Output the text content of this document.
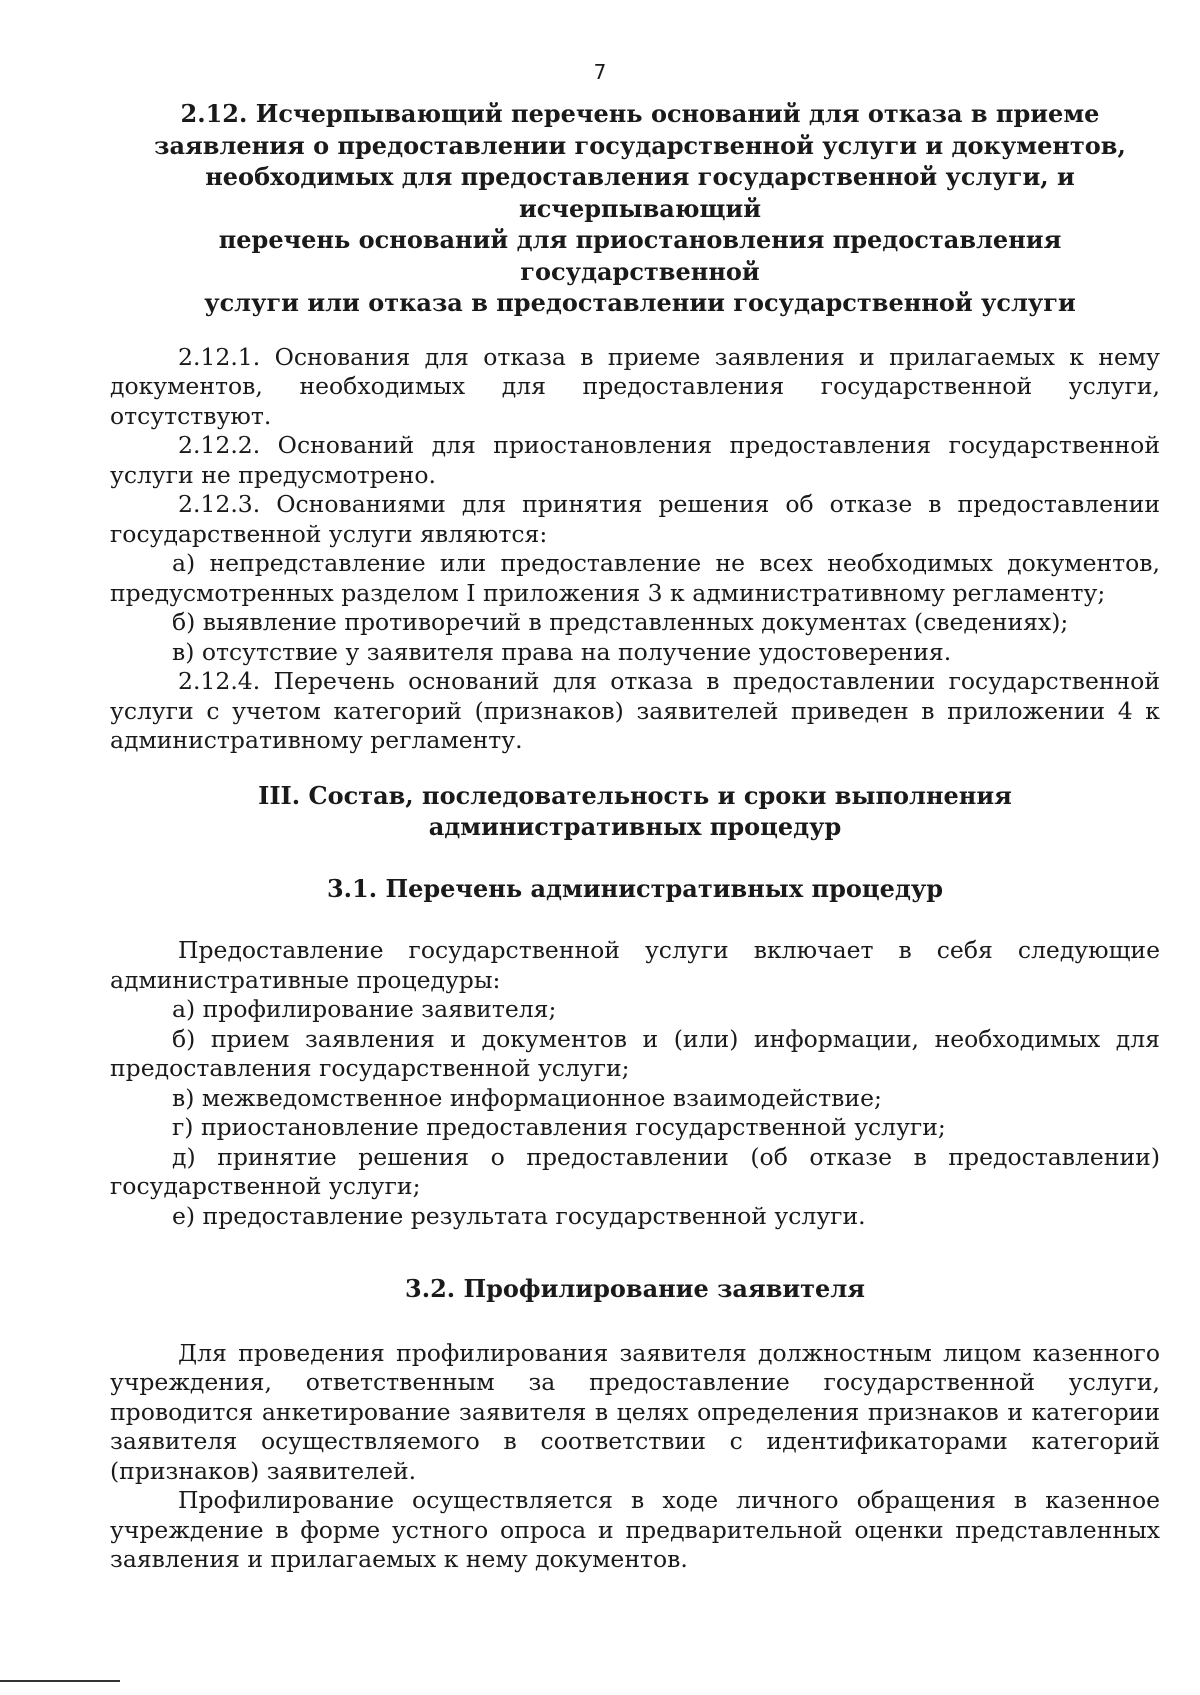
7
2.12. Исчерпывающий перечень оснований для отказа в приеме
заявления о предоставлении государственной услуги и документов,
необходимых для предоставления государственной услуги, и исчерпывающий
перечень оснований для приостановления предоставления государственной
услуги или отказа в предоставлении государственной услуги

2.12.1. Основания для отказа в приеме заявления и прилагаемых к нему документов, необходимых для предоставления государственной услуги, отсутствуют.

2.12.2. Оснований для приостановления предоставления государственной услуги не предусмотрено.

2.12.3. Основаниями для принятия решения об отказе в предоставлении государственной услуги являются:

а) непредставление или предоставление не всех необходимых документов, предусмотренных разделом I приложения 3 к административному регламенту;

б) выявление противоречий в представленных документах (сведениях);

в) отсутствие у заявителя права на получение удостоверения.

2.12.4. Перечень оснований для отказа в предоставлении государственной услуги с учетом категорий (признаков) заявителей приведен в приложении 4 к административному регламенту.

III. Состав, последовательность и сроки выполнения
административных процедур
3.1. Перечень административных процедур

Предоставление государственной услуги включает в себя следующие административные процедуры:

а) профилирование заявителя;

б) прием заявления и документов и (или) информации, необходимых для предоставления государственной услуги;

в) межведомственное информационное взаимодействие;

г) приостановление предоставления государственной услуги;

д) принятие решения о предоставлении (об отказе в предоставлении) государственной услуги;

е) предоставление результата государственной услуги.

3.2. Профилирование заявителя

Для проведения профилирования заявителя должностным лицом казенного учреждения, ответственным за предоставление государственной услуги, проводится анкетирование заявителя в целях определения признаков и категории заявителя осуществляемого в соответствии с идентификаторами категорий (признаков) заявителей.

Профилирование осуществляется в ходе личного обращения в казенное учреждение в форме устного опроса и предварительной оценки представленных заявления и прилагаемых к нему документов.
